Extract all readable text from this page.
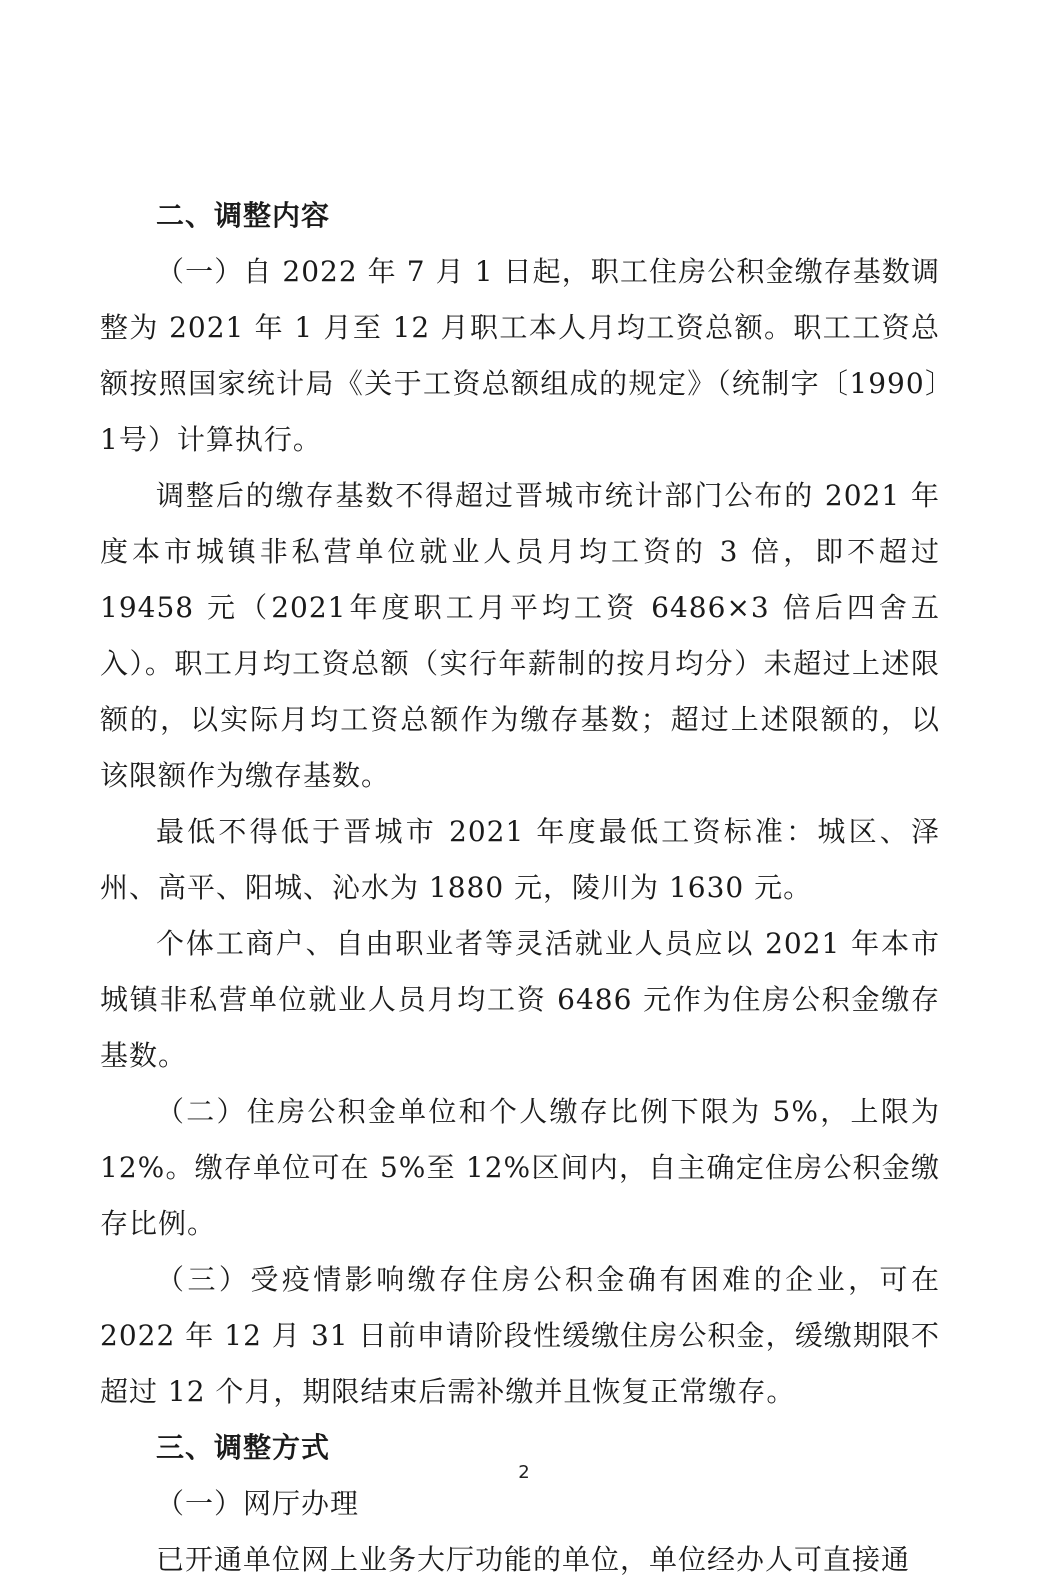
二、调整内容

（一）自 2022 年 7 月 1 日起，职工住房公积金缴存基数调整为 2021 年 1 月至 12 月职工本人月均工资总额。职工工资总额按照国家统计局《关于工资总额组成的规定》（统制字〔1990〕1号）计算执行。

调整后的缴存基数不得超过晋城市统计部门公布的 2021 年度本市城镇非私营单位就业人员月均工资的 3 倍，即不超过 19458 元（2021年度职工月平均工资 6486×3 倍后四舍五入）。职工月均工资总额（实行年薪制的按月均分）未超过上述限额的，以实际月均工资总额作为缴存基数；超过上述限额的，以该限额作为缴存基数。

最低不得低于晋城市 2021 年度最低工资标准：城区、泽州、高平、阳城、沁水为 1880 元，陵川为 1630 元。

个体工商户、自由职业者等灵活就业人员应以 2021 年本市城镇非私营单位就业人员月均工资 6486 元作为住房公积金缴存基数。

（二）住房公积金单位和个人缴存比例下限为 5%，上限为 12%。缴存单位可在 5%至 12%区间内，自主确定住房公积金缴存比例。

（三）受疫情影响缴存住房公积金确有困难的企业，可在 2022 年 12 月 31 日前申请阶段性缓缴住房公积金，缓缴期限不超过 12 个月，期限结束后需补缴并且恢复正常缴存。

三、调整方式

（一）网厅办理

已开通单位网上业务大厅功能的单位，单位经办人可直接通

2
